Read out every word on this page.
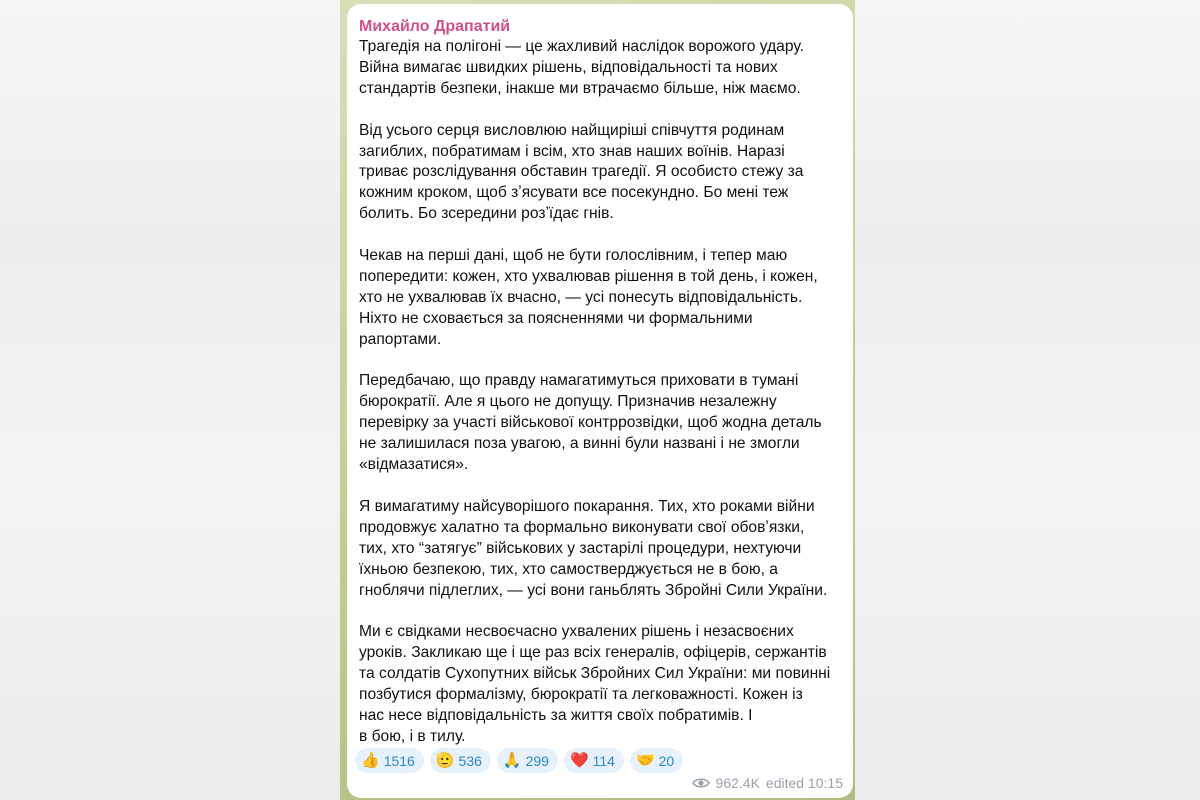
Михайло Драпатий

Трагедія на полігоні — це жахливий наслідок ворожого удару.
Війна вимагає швидких рішень, відповідальності та нових
стандартів безпеки, інакше ми втрачаємо більше, ніж маємо.

Від усього серця висловлюю найщиріші співчуття родинам
загиблих, побратимам і всім, хто знав наших воїнів. Наразі
триває розслідування обставин трагедії. Я особисто стежу за
кожним кроком, щоб зʼясувати все посекундно. Бо мені теж
болить. Бо зсередини розʼїдає гнів.

Чекав на перші дані, щоб не бути голослівним, і тепер маю
попередити: кожен, хто ухвалював рішення в той день, і кожен,
хто не ухвалював їх вчасно, — усі понесуть відповідальність.
Ніхто не сховається за поясненнями чи формальними
рапортами.

Передбачаю, що правду намагатимуться приховати в тумані
бюрократії. Але я цього не допущу. Призначив незалежну
перевірку за участі військової контррозвідки, щоб жодна деталь
не залишилася поза увагою, а винні були названі і не змогли
«відмазатися».

Я вимагатиму найсуворішого покарання. Тих, хто роками війни
продовжує халатно та формально виконувати свої обовʼязки,
тих, хто “затягує” військових у застарілі процедури, нехтуючи
їхньою безпекою, тих, хто самостверджується не в бою, а
гноблячи підлеглих, — усі вони ганьблять Збройні Сили України.

Ми є свідками несвоєчасно ухвалених рішень і незасвоєних
уроків. Закликаю ще і ще раз всіх генералів, офіцерів, сержантів
та солдатів Сухопутних військ Збройних Сил України: ми повинні
позбутися формалізму, бюрократії та легковажності. Кожен із
нас несе відповідальність за життя своїх побратимів. І
в бою, і в тилу.

👍 1516 🫡 536 🙏 299 ❤️ 114 🤝 20
962.4K edited 10:15
